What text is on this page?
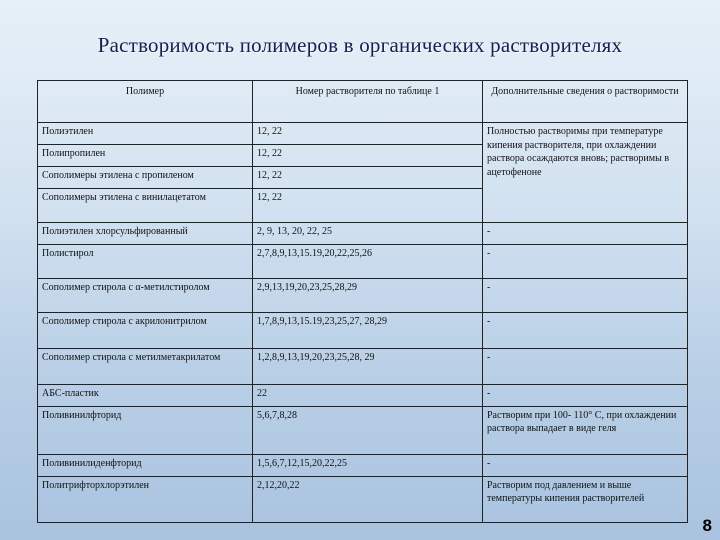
Растворимость полимеров в органических растворителях
Полимер	Номер растворителя по таблице 1	Дополнительные сведения о растворимости
Полиэтилен	12, 22	Полностью растворимы при температуре кипения растворителя, при охлаждении раствора осаждаются вновь; растворимы в ацетофеноне
Полипропилен	12, 22	
Сополимеры этилена с пропиленом	12, 22	
Сополимеры этилена с винилацетатом	12, 22	
Полиэтилен хлорсульфированный	2, 9, 13, 20, 22, 25	-
Полистирол	2,7,8,9,13,15.19,20,22,25,26	-
Сополимер стирола с α-метилстиролом	2,9,13,19,20,23,25,28,29	-
Сополимер стирола с акрилонитрилом	1,7,8,9,13,15.19,23,25,27, 28,29	-
Сополимер стирола с метилметакрилатом	1,2,8,9,13,19,20,23,25,28, 29	-
АБС-пластик	22	-
Поливинилфторид	5,6,7,8,28	Растворим при 100- 110° С, при охлаждении раствора выпадает в виде геля
Поливинилиденфторид	1,5,6,7,12,15,20,22,25	-
Политрифторхлорэтилен	2,12,20,22	Растворим под давлением и выше температуры кипения растворителей
8
